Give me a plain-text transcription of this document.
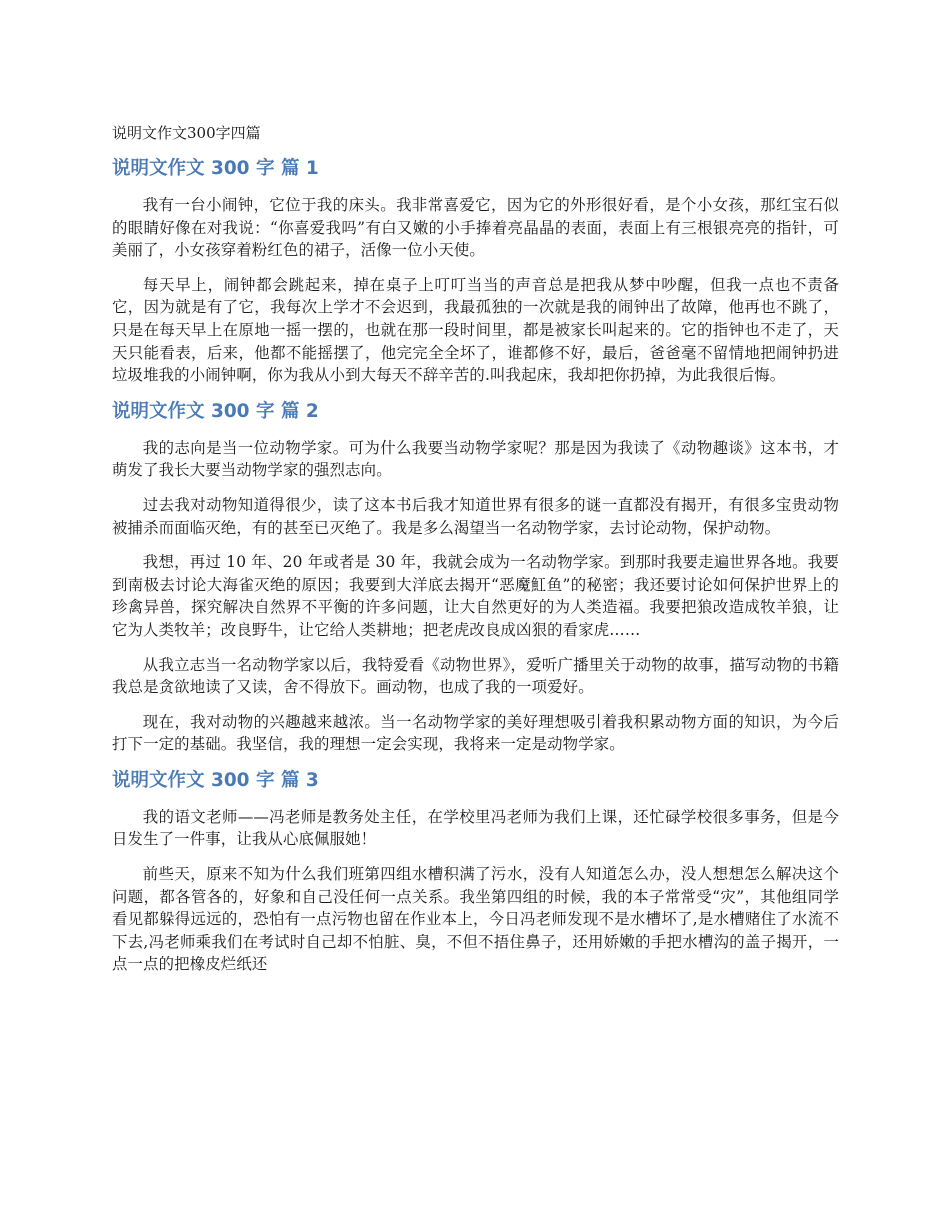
说明文作文300字四篇
说明文作文 300 字 篇 1

我有一台小闹钟，它位于我的床头。我非常喜爱它，因为它的外形很好看，是个小女孩，那红宝石似的眼睛好像在对我说：“你喜爱我吗”有白又嫩的小手捧着亮晶晶的表面，表面上有三根银亮亮的指针，可美丽了，小女孩穿着粉红色的裙子，活像一位小天使。

每天早上，闹钟都会跳起来，掉在桌子上叮叮当当的声音总是把我从梦中吵醒，但我一点也不责备它，因为就是有了它，我每次上学才不会迟到，我最孤独的一次就是我的闹钟出了故障，他再也不跳了，只是在每天早上在原地一摇一摆的，也就在那一段时间里，都是被家长叫起来的。它的指钟也不走了，天天只能看表，后来，他都不能摇摆了，他完完全全坏了，谁都修不好，最后，爸爸毫不留情地把闹钟扔进垃圾堆我的小闹钟啊，你为我从小到大每天不辞辛苦的.叫我起床，我却把你扔掉，为此我很后悔。

说明文作文 300 字 篇 2

我的志向是当一位动物学家。可为什么我要当动物学家呢？那是因为我读了《动物趣谈》这本书，才萌发了我长大要当动物学家的强烈志向。

过去我对动物知道得很少，读了这本书后我才知道世界有很多的谜一直都没有揭开，有很多宝贵动物被捕杀而面临灭绝，有的甚至已灭绝了。我是多么渴望当一名动物学家，去讨论动物，保护动物。

我想，再过 10 年、20 年或者是 30 年，我就会成为一名动物学家。到那时我要走遍世界各地。我要到南极去讨论大海雀灭绝的原因；我要到大洋底去揭开“恶魔魟鱼”的秘密；我还要讨论如何保护世界上的珍禽异兽，探究解决自然界不平衡的许多问题，让大自然更好的为人类造福。我要把狼改造成牧羊狼，让它为人类牧羊；改良野牛，让它给人类耕地；把老虎改良成凶狠的看家虎……

从我立志当一名动物学家以后，我特爱看《动物世界》，爱听广播里关于动物的故事，描写动物的书籍我总是贪欲地读了又读，舍不得放下。画动物，也成了我的一项爱好。

现在，我对动物的兴趣越来越浓。当一名动物学家的美好理想吸引着我积累动物方面的知识，为今后打下一定的基础。我坚信，我的理想一定会实现，我将来一定是动物学家。

说明文作文 300 字 篇 3

我的语文老师——冯老师是教务处主任，在学校里冯老师为我们上课，还忙碌学校很多事务，但是今日发生了一件事，让我从心底佩服她！

前些天，原来不知为什么我们班第四组水槽积满了污水，没有人知道怎么办，没人想想怎么解决这个问题，都各管各的，好象和自己没任何一点关系。我坐第四组的时候，我的本子常常受“灾”，其他组同学看见都躲得远远的，恐怕有一点污物也留在作业本上，今日冯老师发现不是水槽坏了,是水槽赌住了水流不下去,冯老师乘我们在考试时自己却不怕脏、臭，不但不捂住鼻子，还用娇嫩的手把水槽沟的盖子揭开，一点一点的把橡皮烂纸还
